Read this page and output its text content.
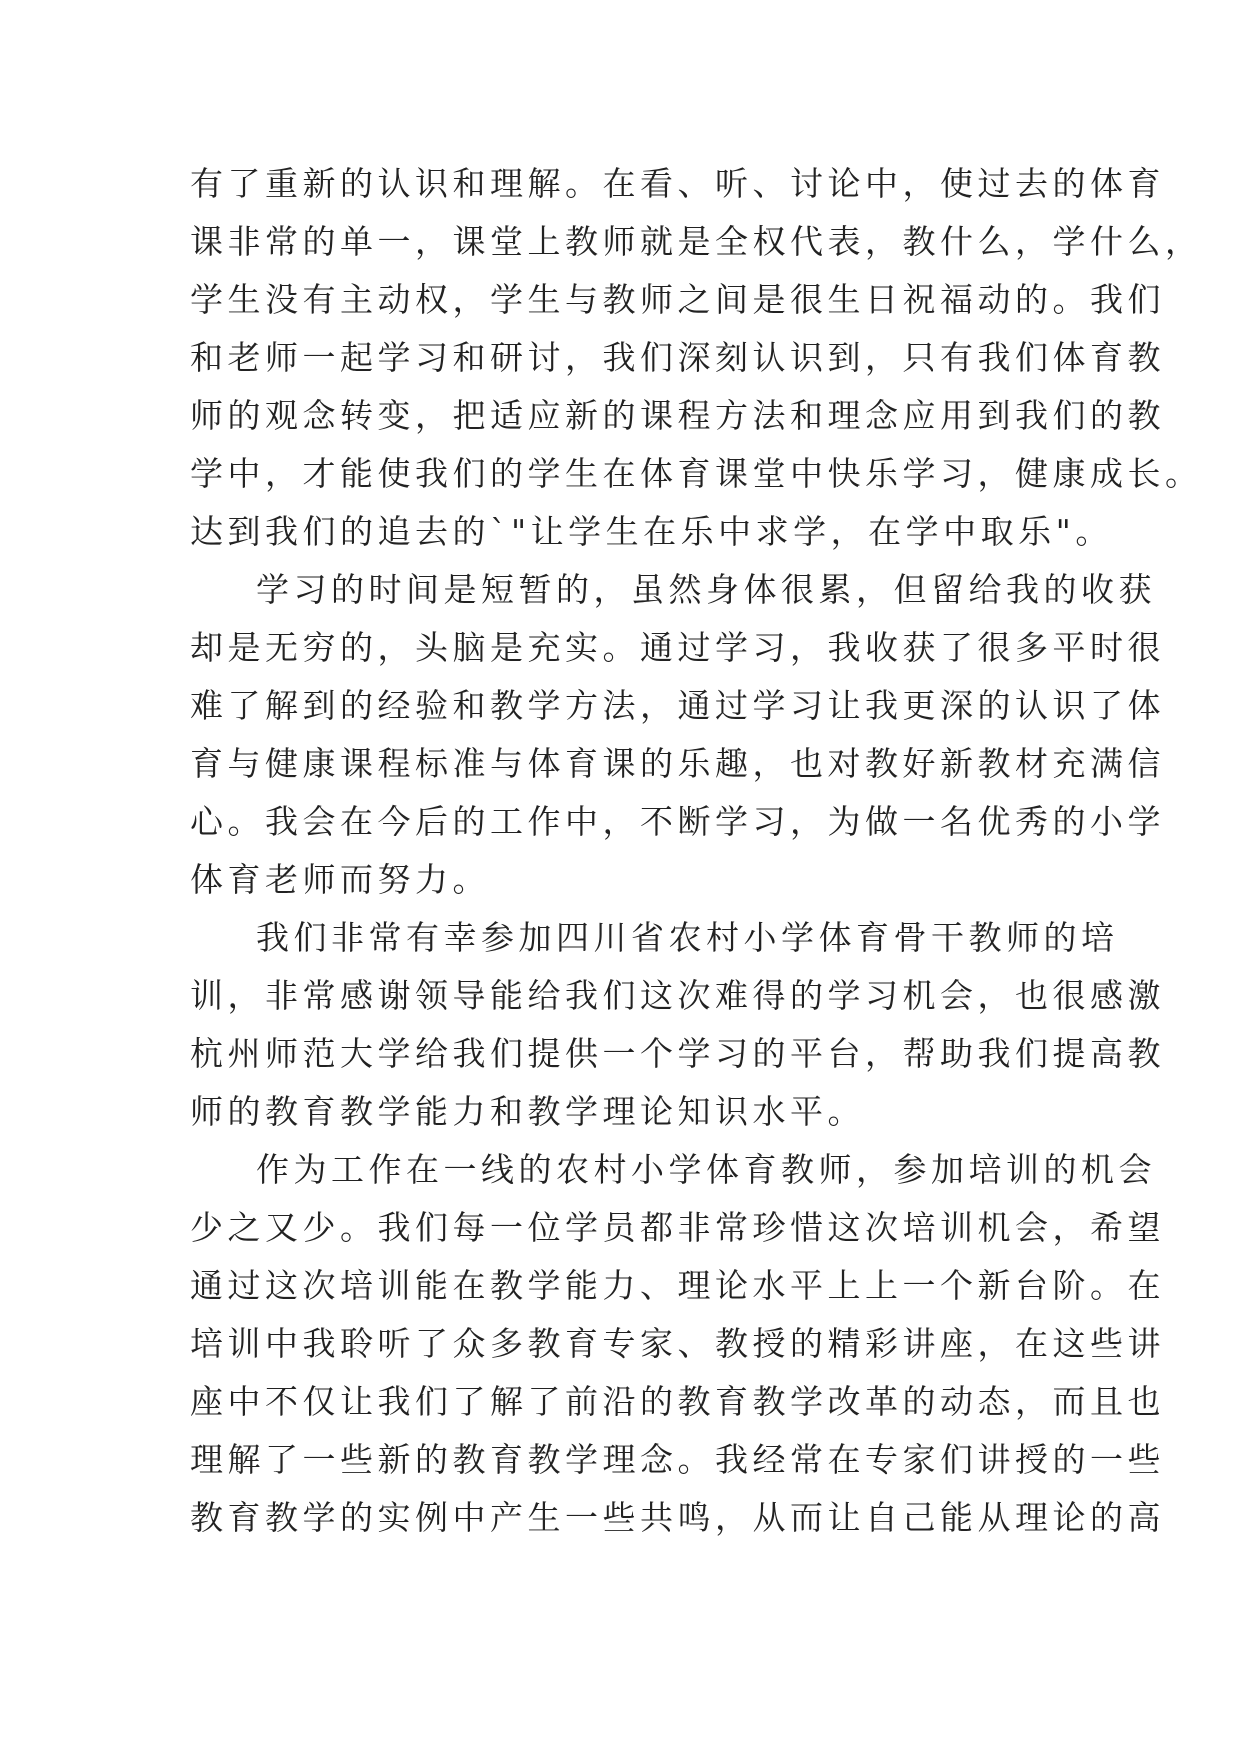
有了重新的认识和理解。在看、听、讨论中，使过去的体育
课非常的单一，课堂上教师就是全权代表，教什么，学什么，
学生没有主动权，学生与教师之间是很生日祝福动的。我们
和老师一起学习和研讨，我们深刻认识到，只有我们体育教
师的观念转变，把适应新的课程方法和理念应用到我们的教
学中，才能使我们的学生在体育课堂中快乐学习，健康成长。
达到我们的追去的`"让学生在乐中求学，在学中取乐"。
学习的时间是短暂的，虽然身体很累，但留给我的收获
却是无穷的，头脑是充实。通过学习，我收获了很多平时很
难了解到的经验和教学方法，通过学习让我更深的认识了体
育与健康课程标准与体育课的乐趣，也对教好新教材充满信
心。我会在今后的工作中，不断学习，为做一名优秀的小学
体育老师而努力。
我们非常有幸参加四川省农村小学体育骨干教师的培
训，非常感谢领导能给我们这次难得的学习机会，也很感激
杭州师范大学给我们提供一个学习的平台，帮助我们提高教
师的教育教学能力和教学理论知识水平。
作为工作在一线的农村小学体育教师，参加培训的机会
少之又少。我们每一位学员都非常珍惜这次培训机会，希望
通过这次培训能在教学能力、理论水平上上一个新台阶。在
培训中我聆听了众多教育专家、教授的精彩讲座，在这些讲
座中不仅让我们了解了前沿的教育教学改革的动态，而且也
理解了一些新的教育教学理念。我经常在专家们讲授的一些
教育教学的实例中产生一些共鸣，从而让自己能从理论的高
